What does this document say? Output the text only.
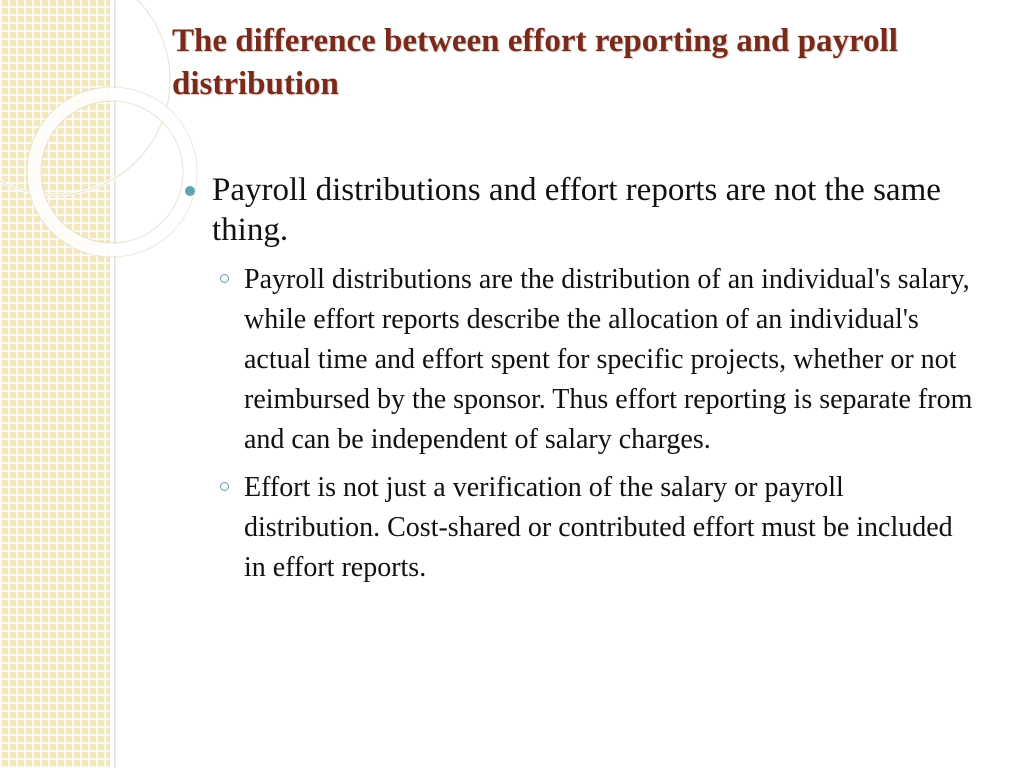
The difference between effort reporting and payroll distribution
Payroll distributions and effort reports are not the same thing.
Payroll distributions are the distribution of an individual's salary, while effort reports describe the allocation of an individual's actual time and effort spent for specific projects, whether or not reimbursed by the sponsor. Thus effort reporting is separate from and can be independent of salary charges.
Effort is not just a verification of the salary or payroll distribution. Cost-shared or contributed effort must be included in effort reports.
